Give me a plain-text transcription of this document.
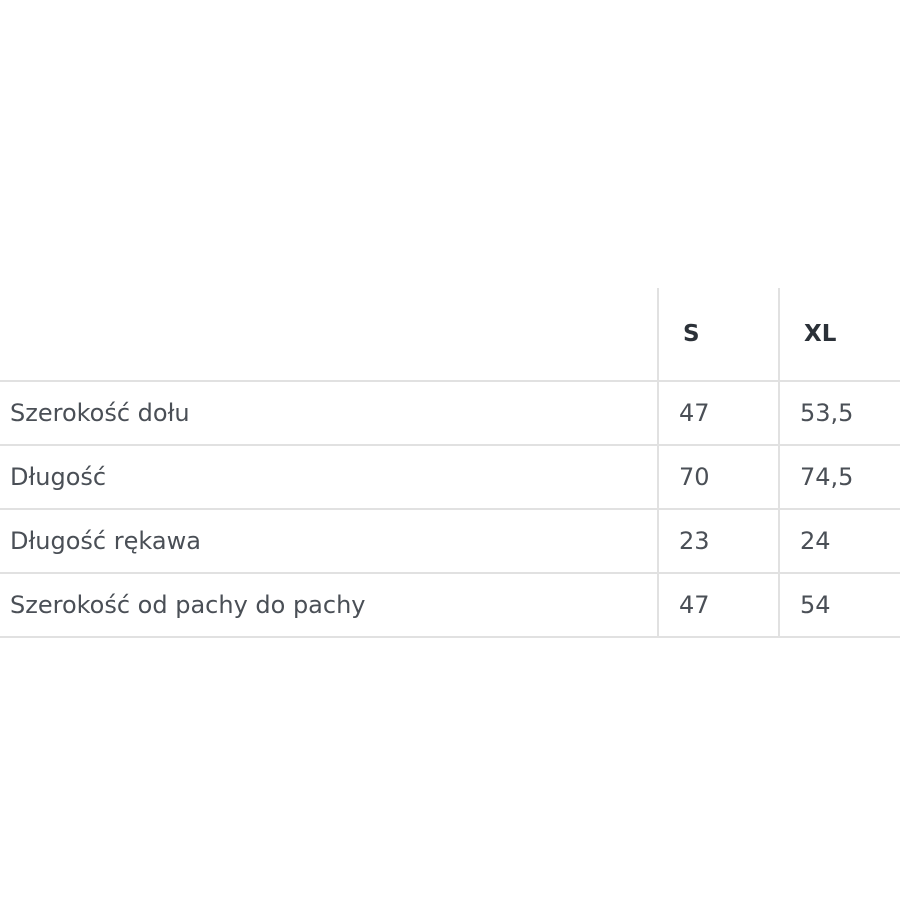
	S	XL
Szerokość dołu	47	53,5
Długość	70	74,5
Długość rękawa	23	24
Szerokość od pachy do pachy	47	54
